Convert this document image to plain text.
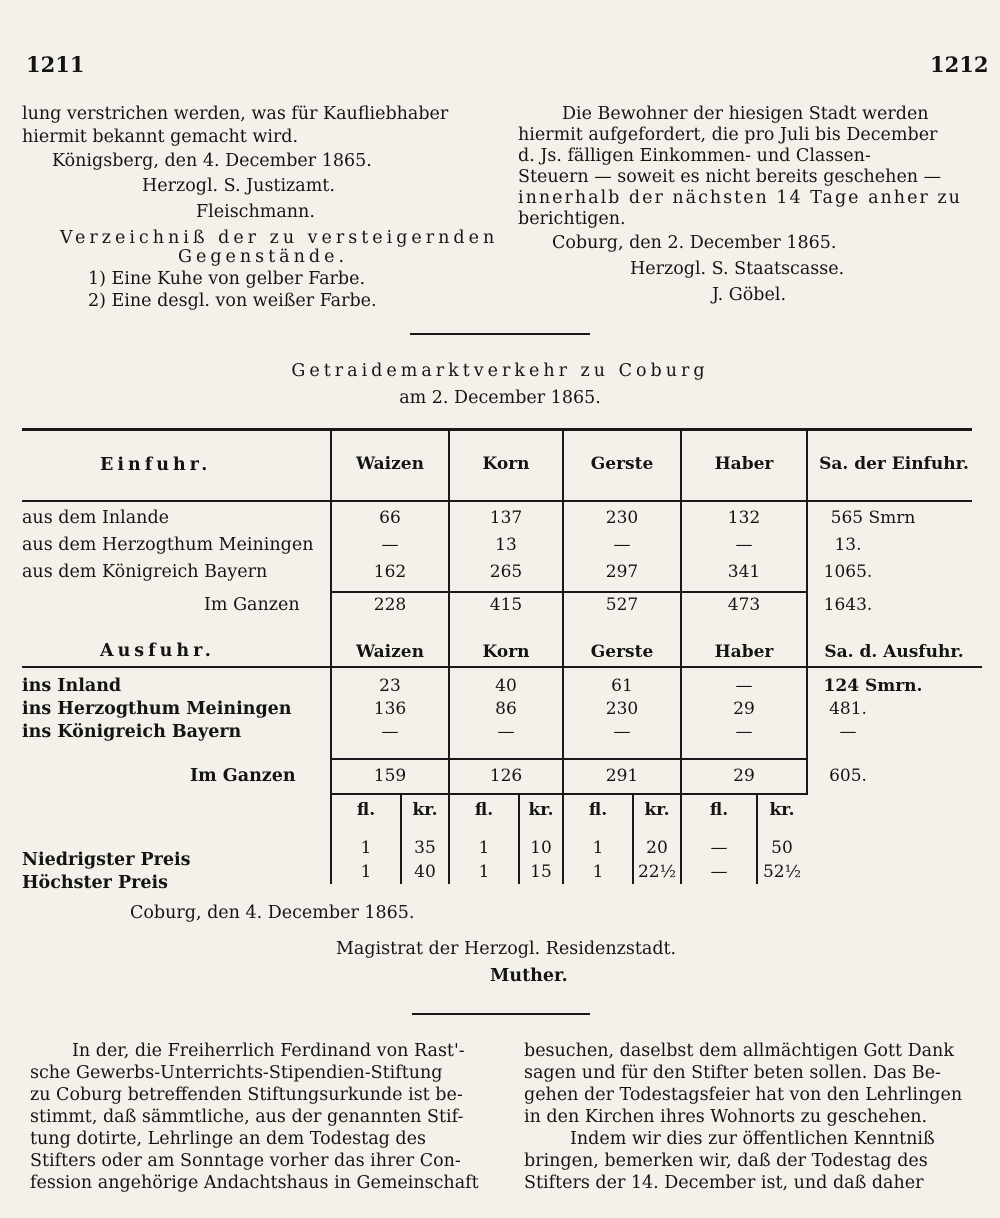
1211	1212
lung verstrichen werden, was für Kaufliebhaber
hiermit bekannt gemacht wird.
Königsberg, den 4. December 1865.
Herzogl. S. Justizamt.
Fleischmann.
Verzeichniß der zu versteigernden
Gegenstände.
1) Eine Kuhe von gelber Farbe.
2) Eine desgl. von weißer Farbe.
Die Bewohner der hiesigen Stadt werden
hiermit aufgefordert, die pro Juli bis December
d. Js. fälligen Einkommen- und Classen-
Steuern — soweit es nicht bereits geschehen —
innerhalb der nächsten 14 Tage anher zu
berichtigen.
Coburg, den 2. December 1865.
Herzogl. S. Staatscasse.
J. Göbel.
Getraidemarktverkehr zu Coburg
am 2. December 1865.
Einfuhr.	Waizen	Korn	Gerste	Haber	Sa. der Einfuhr.
aus dem Inlande	66	137	230	132	565 Smrn
aus dem Herzogthum Meiningen	—	13	—	—	13.
aus dem Königreich Bayern	162	265	297	341	1065.
Im Ganzen	228	415	527	473	1643.
Ausfuhr.	Waizen	Korn	Gerste	Haber	Sa. d. Ausfuhr.
ins Inland	23	40	61	—	124 Smrn.
ins Herzogthum Meiningen	136	86	230	29	481.
ins Königreich Bayern	—	—	—	—	—
Im Ganzen	159	126	291	29	605.
fl.	kr.	fl.	kr.	fl.	kr.	fl.	kr.
Niedrigster Preis
1	35	1	10	1	20	—	50
Höchster Preis
1	40	1	15	1	22½	—	52½
Coburg, den 4. December 1865.
Magistrat der Herzogl. Residenzstadt.
Muther.
In der, die Freiherrlich Ferdinand von Rast'-
sche Gewerbs-Unterrichts-Stipendien-Stiftung
zu Coburg betreffenden Stiftungsurkunde ist be-
stimmt, daß sämmtliche, aus der genannten Stif-
tung dotirte, Lehrlinge an dem Todestag des
Stifters oder am Sonntage vorher das ihrer Con-
fession angehörige Andachtshaus in Gemeinschaft
besuchen, daselbst dem allmächtigen Gott Dank
sagen und für den Stifter beten sollen. Das Be-
gehen der Todestagsfeier hat von den Lehrlingen
in den Kirchen ihres Wohnorts zu geschehen.
Indem wir dies zur öffentlichen Kenntniß
bringen, bemerken wir, daß der Todestag des
Stifters der 14. December ist, und daß daher
